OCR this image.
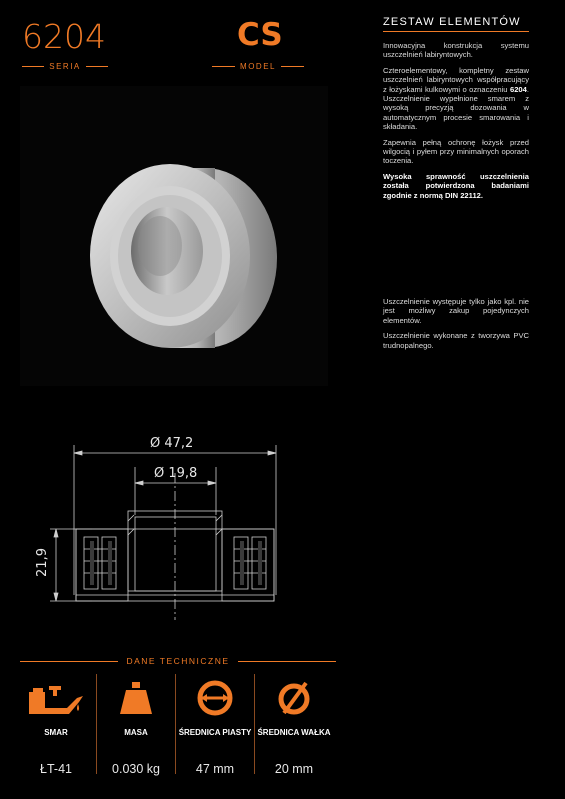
6204
SERIA
CS
MODEL
ZESTAW ELEMENTÓW

Innowacyjna konstrukcja systemu uszczelnień labiryntowych.

Czteroelementowy, kompletny zestaw uszczelnień labiryntowych współpracujący z łożyskami kulkowymi o oznaczeniu 6204. Uszczelnienie wypełnione smarem z wysoką precyzją dozowania w automatycznym procesie smarowania i składania.

Zapewnia pełną ochronę łożysk przed wilgocią i pyłem przy minimalnych oporach toczenia.

Wysoka sprawność uszczelnienia została potwierdzona badaniami zgodnie z normą DIN 22112.

Uszczelnienie występuje tylko jako kpl. nie jest możliwy zakup pojedynczych elementów.

Uszczelnienie wykonane z tworzywa PVC trudnopalnego.

Ø 47,2
Ø 19,8
21,9
DANE TECHNICZNE
SMAR
ŁT-41
MASA
0.030 kg
ŚREDNICA PIASTY
47 mm
ŚREDNICA WAŁKA
20 mm
